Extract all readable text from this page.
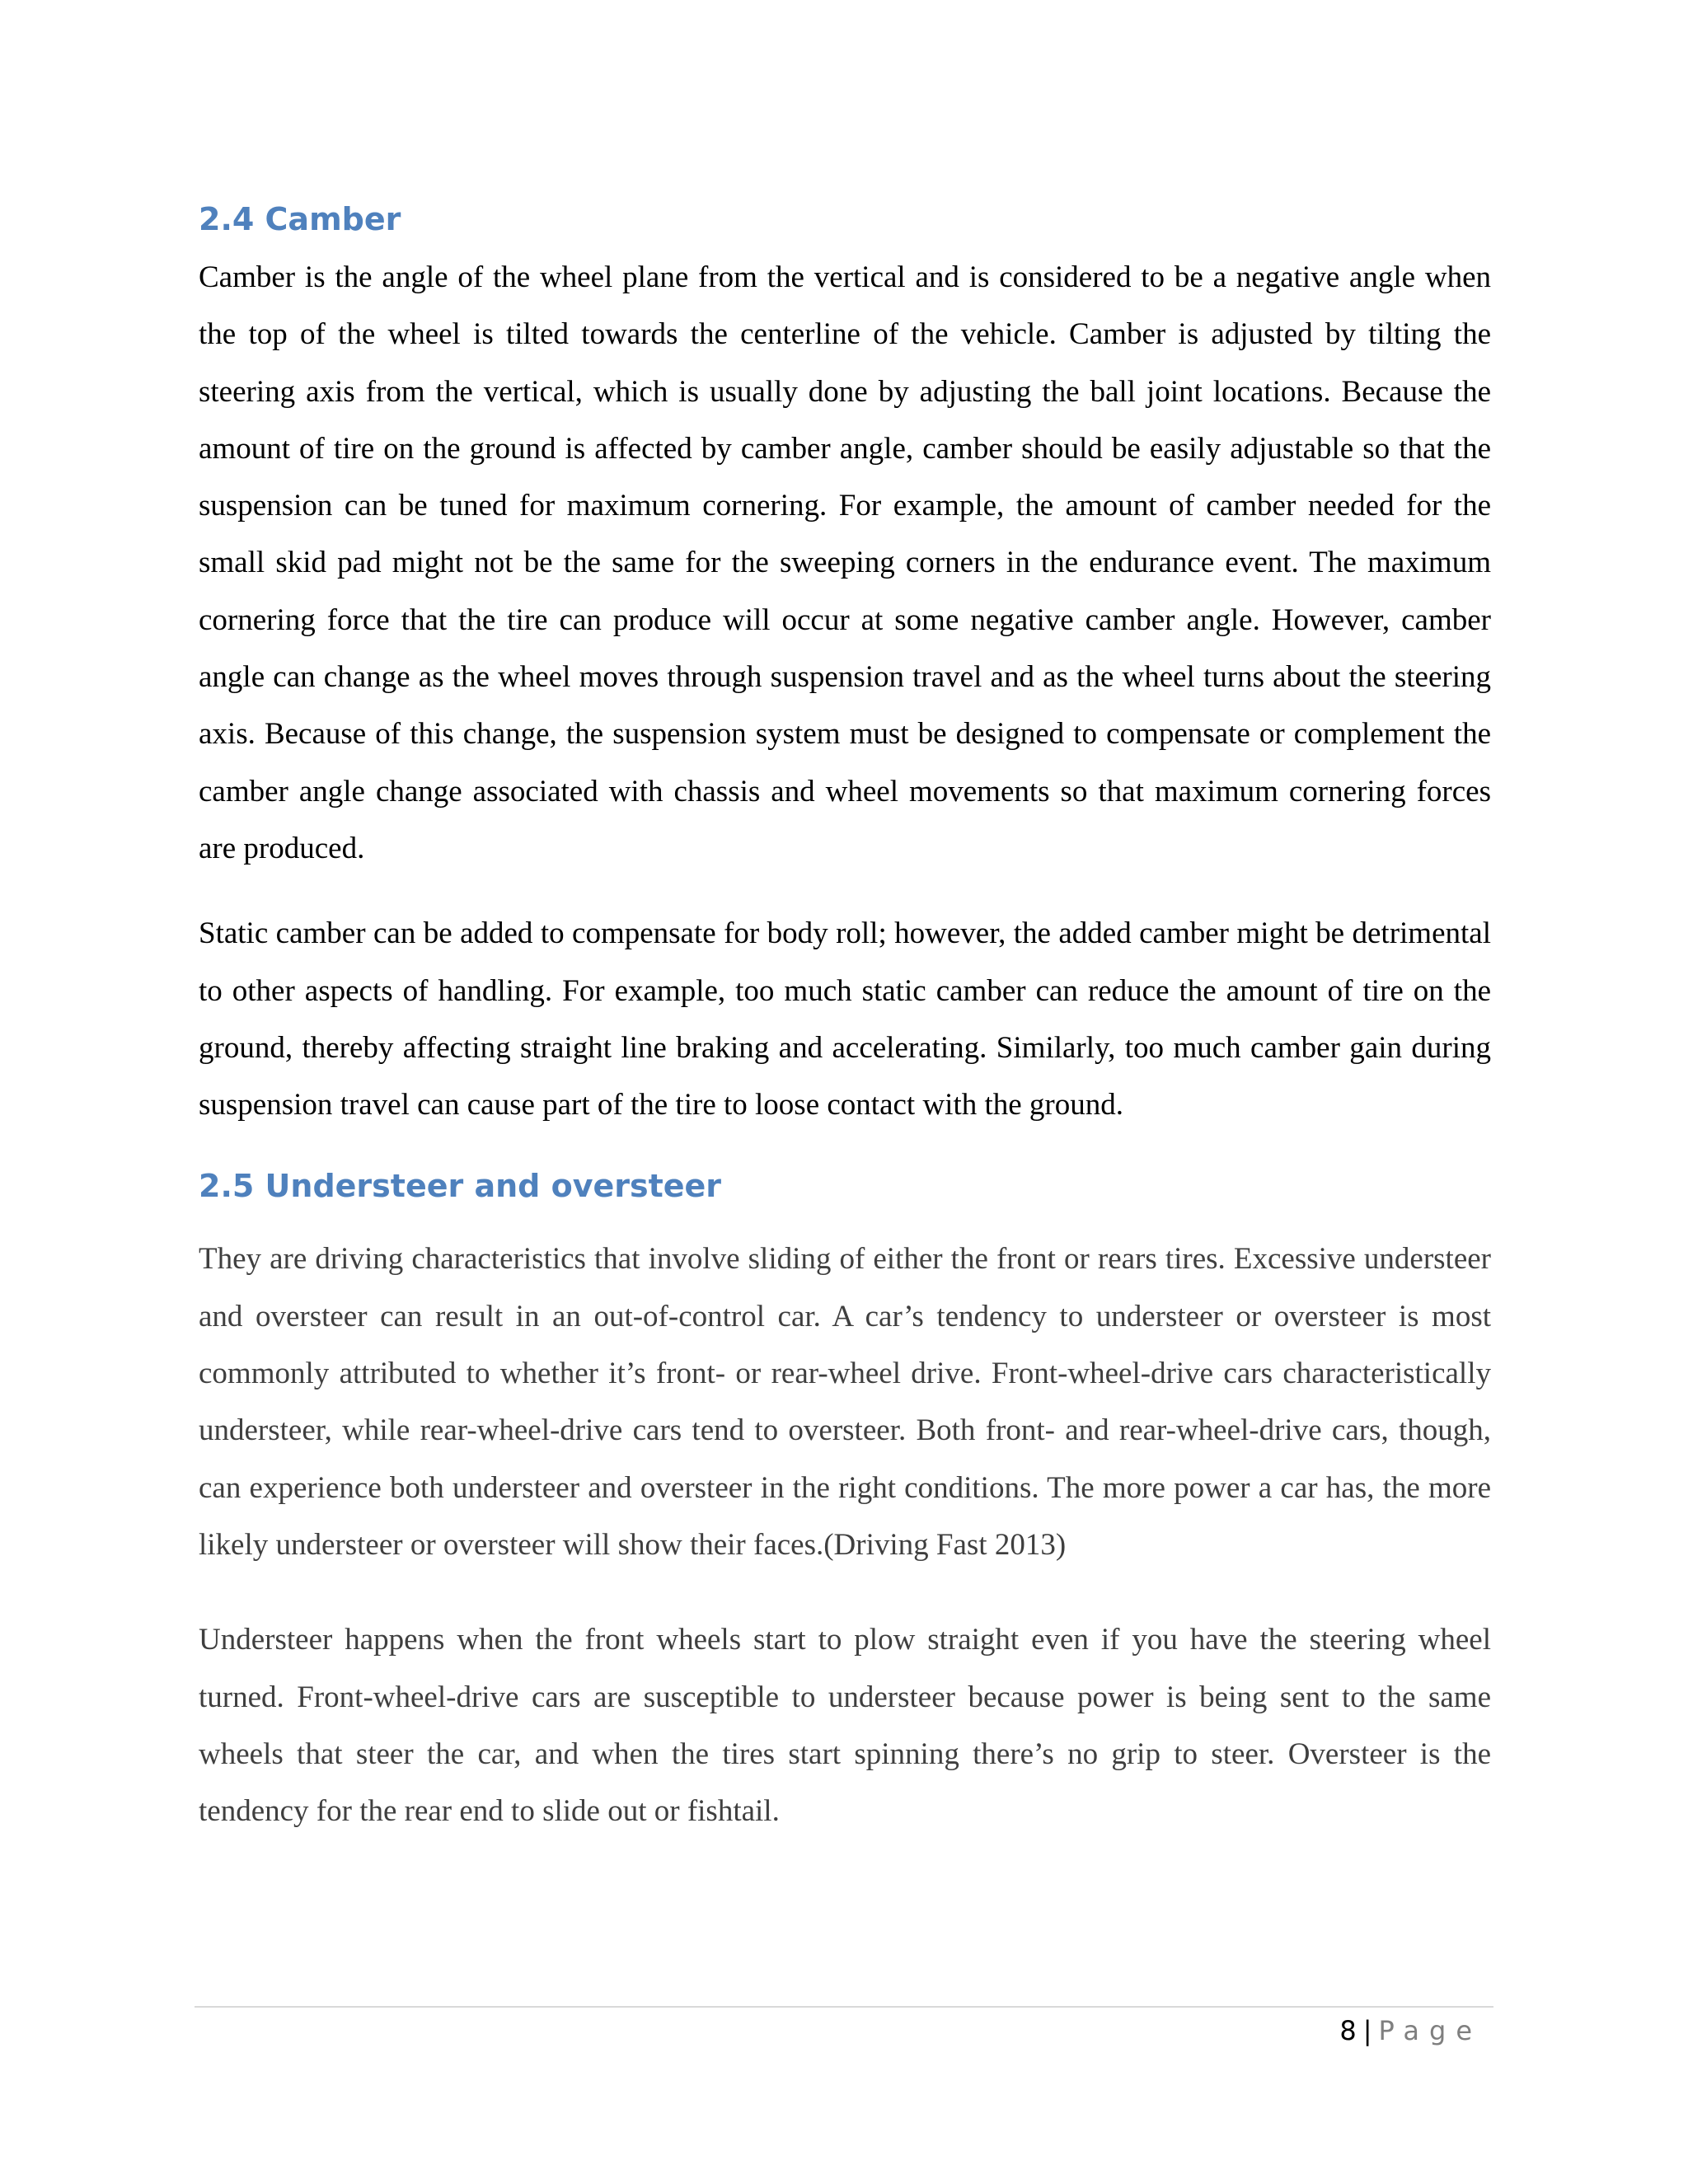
2.4 Camber

Camber is the angle of the wheel plane from the vertical and is considered to be a negative angle when the top of the wheel is tilted towards the centerline of the vehicle. Camber is adjusted by tilting the steering axis from the vertical, which is usually done by adjusting the ball joint locations. Because the amount of tire on the ground is affected by camber angle, camber should be easily adjustable so that the suspension can be tuned for maximum cornering. For example, the amount of camber needed for the small skid pad might not be the same for the sweeping corners in the endurance event. The maximum cornering force that the tire can produce will occur at some negative camber angle. However, camber angle can change as the wheel moves through suspension travel and as the wheel turns about the steering axis. Because of this change, the suspension system must be designed to compensate or complement the camber angle change associated with chassis and wheel movements so that maximum cornering forces are produced.

Static camber can be added to compensate for body roll; however, the added camber might be detrimental to other aspects of handling. For example, too much static camber can reduce the amount of tire on the ground, thereby affecting straight line braking and accelerating. Similarly, too much camber gain during suspension travel can cause part of the tire to loose contact with the ground.

2.5 Understeer and oversteer

They are driving characteristics that involve sliding of either the front or rears tires. Excessive understeer and oversteer can result in an out-of-control car. A car’s tendency to understeer or oversteer is most commonly attributed to whether it’s front- or rear-wheel drive. Front-wheel-drive cars characteristically understeer, while rear-wheel-drive cars tend to oversteer. Both front- and rear-wheel-drive cars, though, can experience both understeer and oversteer in the right conditions. The more power a car has, the more likely understeer or oversteer will show their faces.(Driving Fast 2013)

Understeer happens when the front wheels start to plow straight even if you have the steering wheel turned. Front-wheel-drive cars are susceptible to understeer because power is being sent to the same wheels that steer the car, and when the tires start spinning there’s no grip to steer. Oversteer is the tendency for the rear end to slide out or fishtail.

8 | Page
